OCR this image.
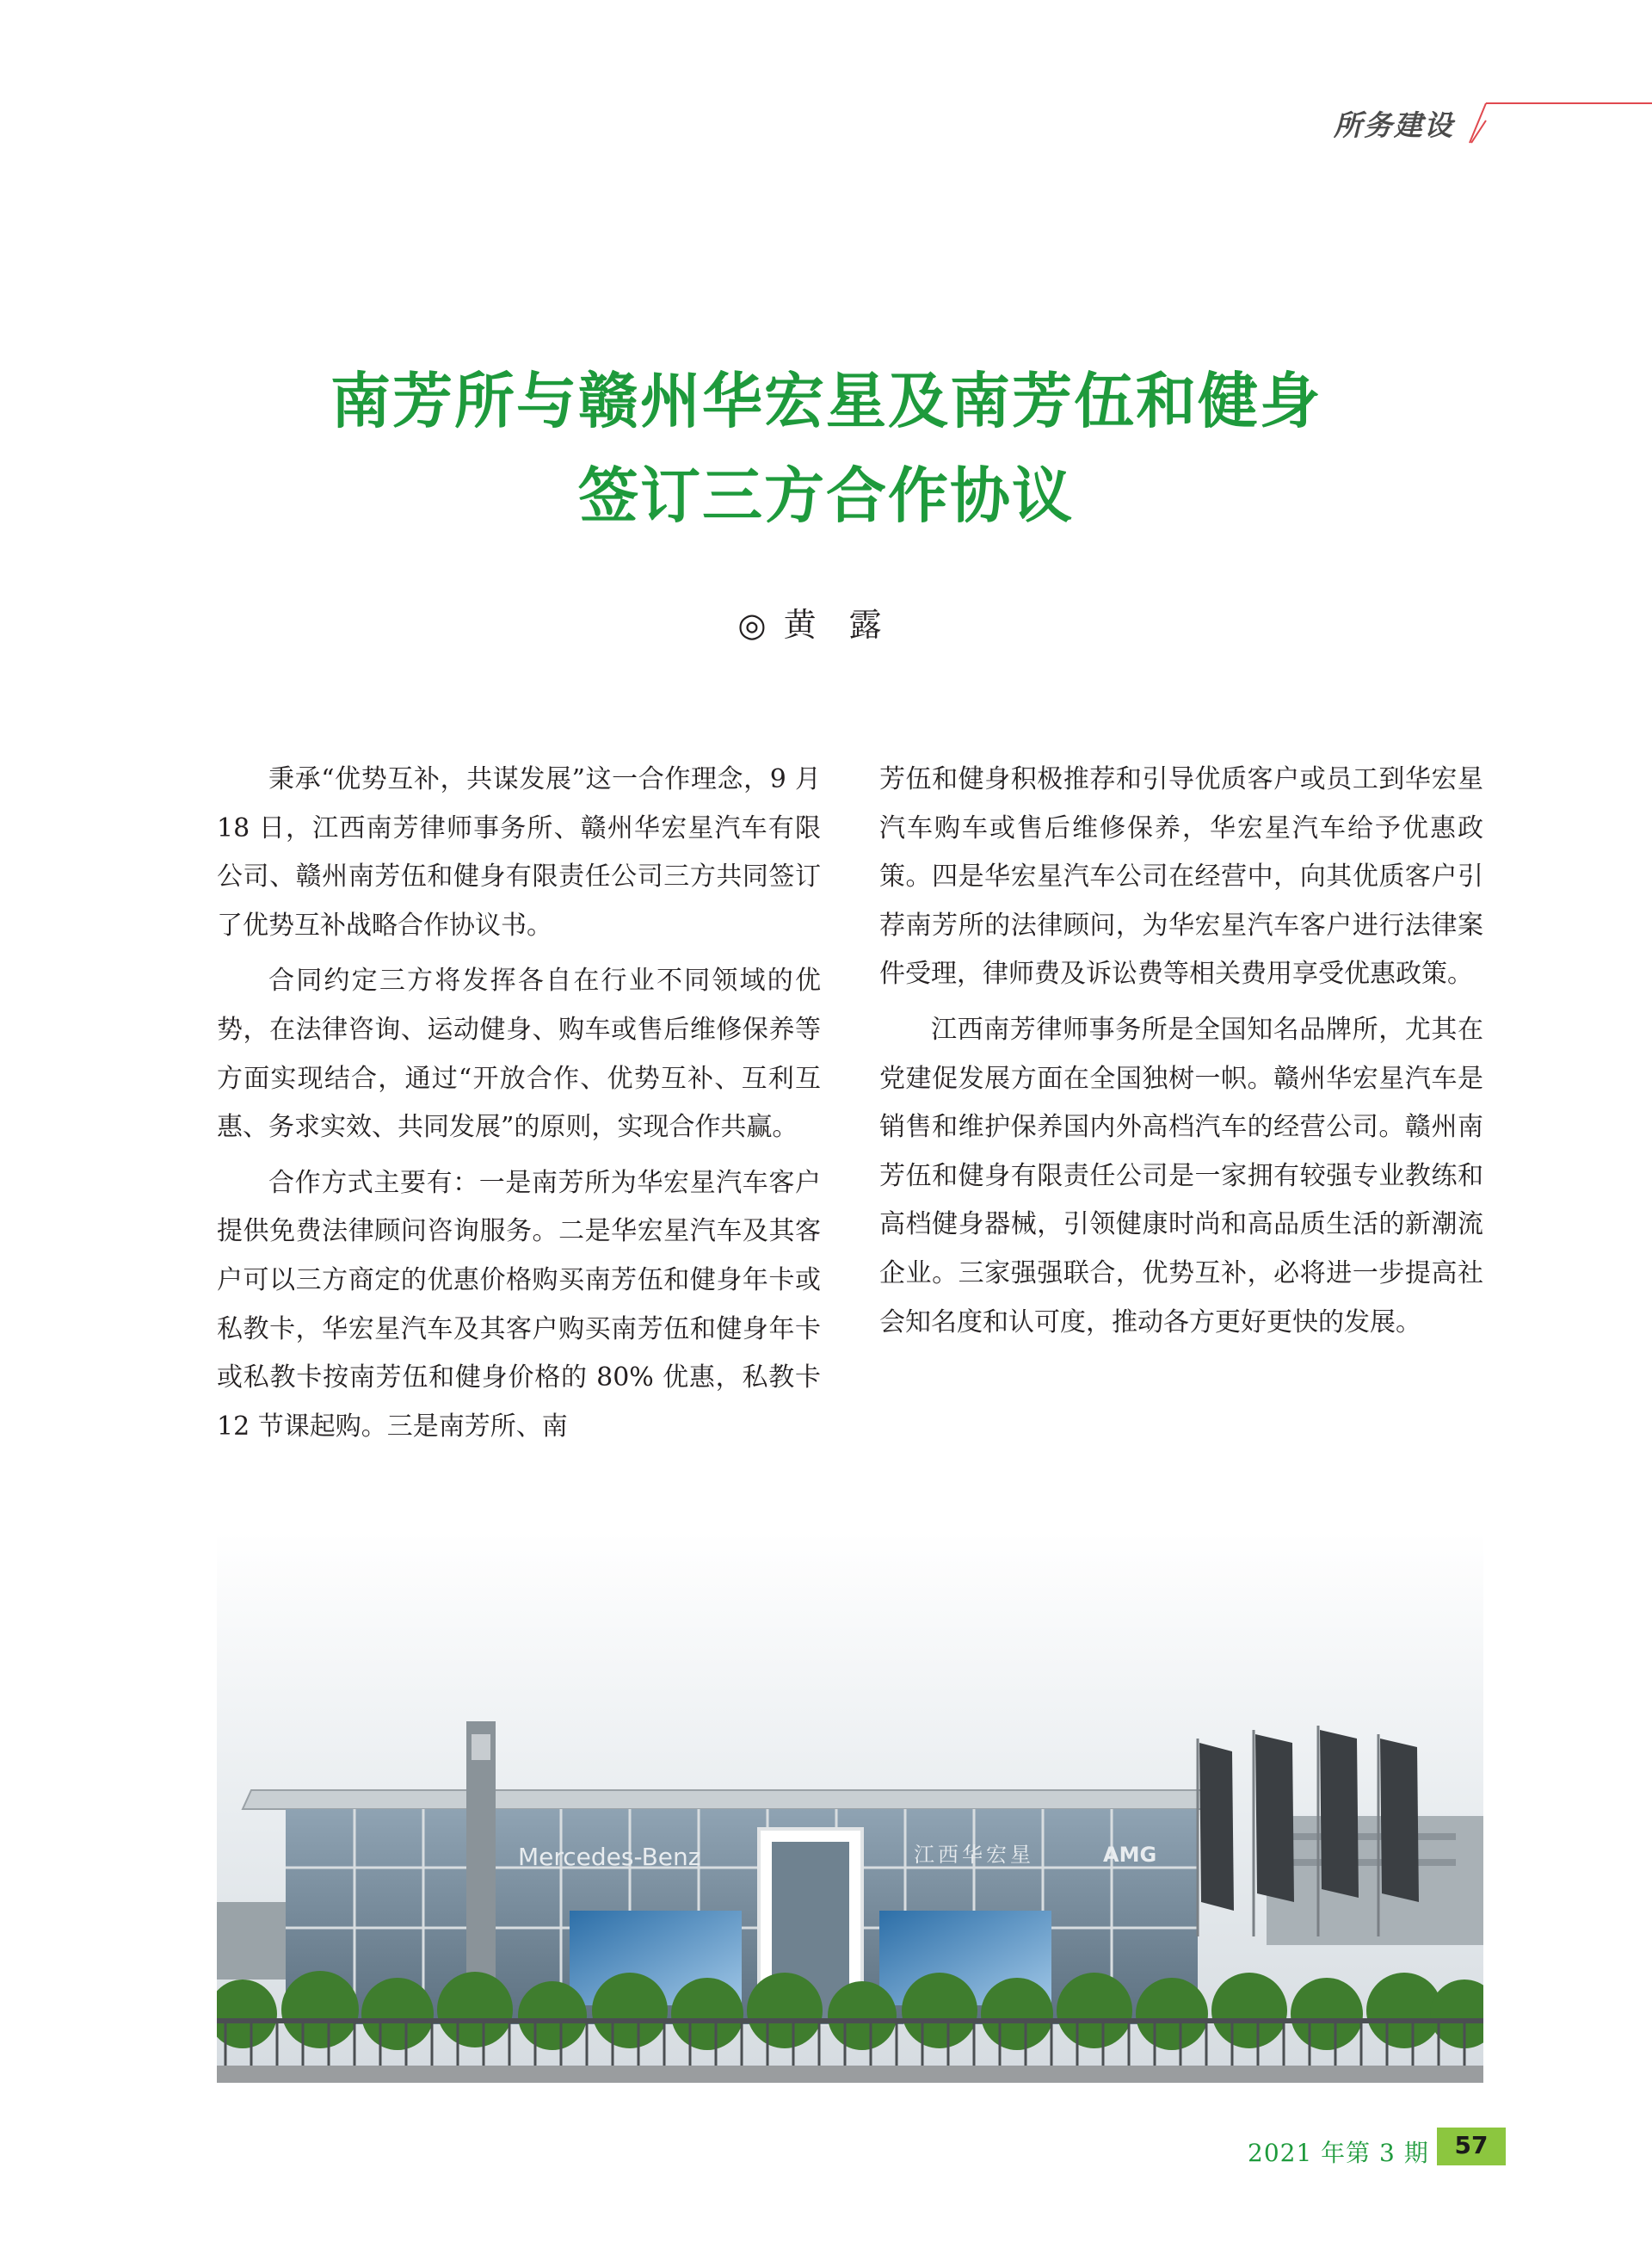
所务建设
南芳所与赣州华宏星及南芳伍和健身
签订三方合作协议
◎ 黄露

秉承“优势互补，共谋发展”这一合作理念，9 月 18 日，江西南芳律师事务所、赣州华宏星汽车有限公司、赣州南芳伍和健身有限责任公司三方共同签订了优势互补战略合作协议书。

合同约定三方将发挥各自在行业不同领域的优势，在法律咨询、运动健身、购车或售后维修保养等方面实现结合，通过“开放合作、优势互补、互利互惠、务求实效、共同发展”的原则，实现合作共赢。

合作方式主要有：一是南芳所为华宏星汽车客户提供免费法律顾问咨询服务。二是华宏星汽车及其客户可以三方商定的优惠价格购买南芳伍和健身年卡或私教卡，华宏星汽车及其客户购买南芳伍和健身年卡或私教卡按南芳伍和健身价格的 80% 优惠，私教卡 12 节课起购。三是南芳所、南

芳伍和健身积极推荐和引导优质客户或员工到华宏星汽车购车或售后维修保养，华宏星汽车给予优惠政策。四是华宏星汽车公司在经营中，向其优质客户引荐南芳所的法律顾问，为华宏星汽车客户进行法律案件受理，律师费及诉讼费等相关费用享受优惠政策。

江西南芳律师事务所是全国知名品牌所，尤其在党建促发展方面在全国独树一帜。赣州华宏星汽车是销售和维护保养国内外高档汽车的经营公司。赣州南芳伍和健身有限责任公司是一家拥有较强专业教练和高档健身器械，引领健康时尚和高品质生活的新潮流企业。三家强强联合，优势互补，必将进一步提高社会知名度和认可度，推动各方更好更快的发展。

Mercedes-Benz	江西华宏星	AMG
2021 年第 3 期	57
